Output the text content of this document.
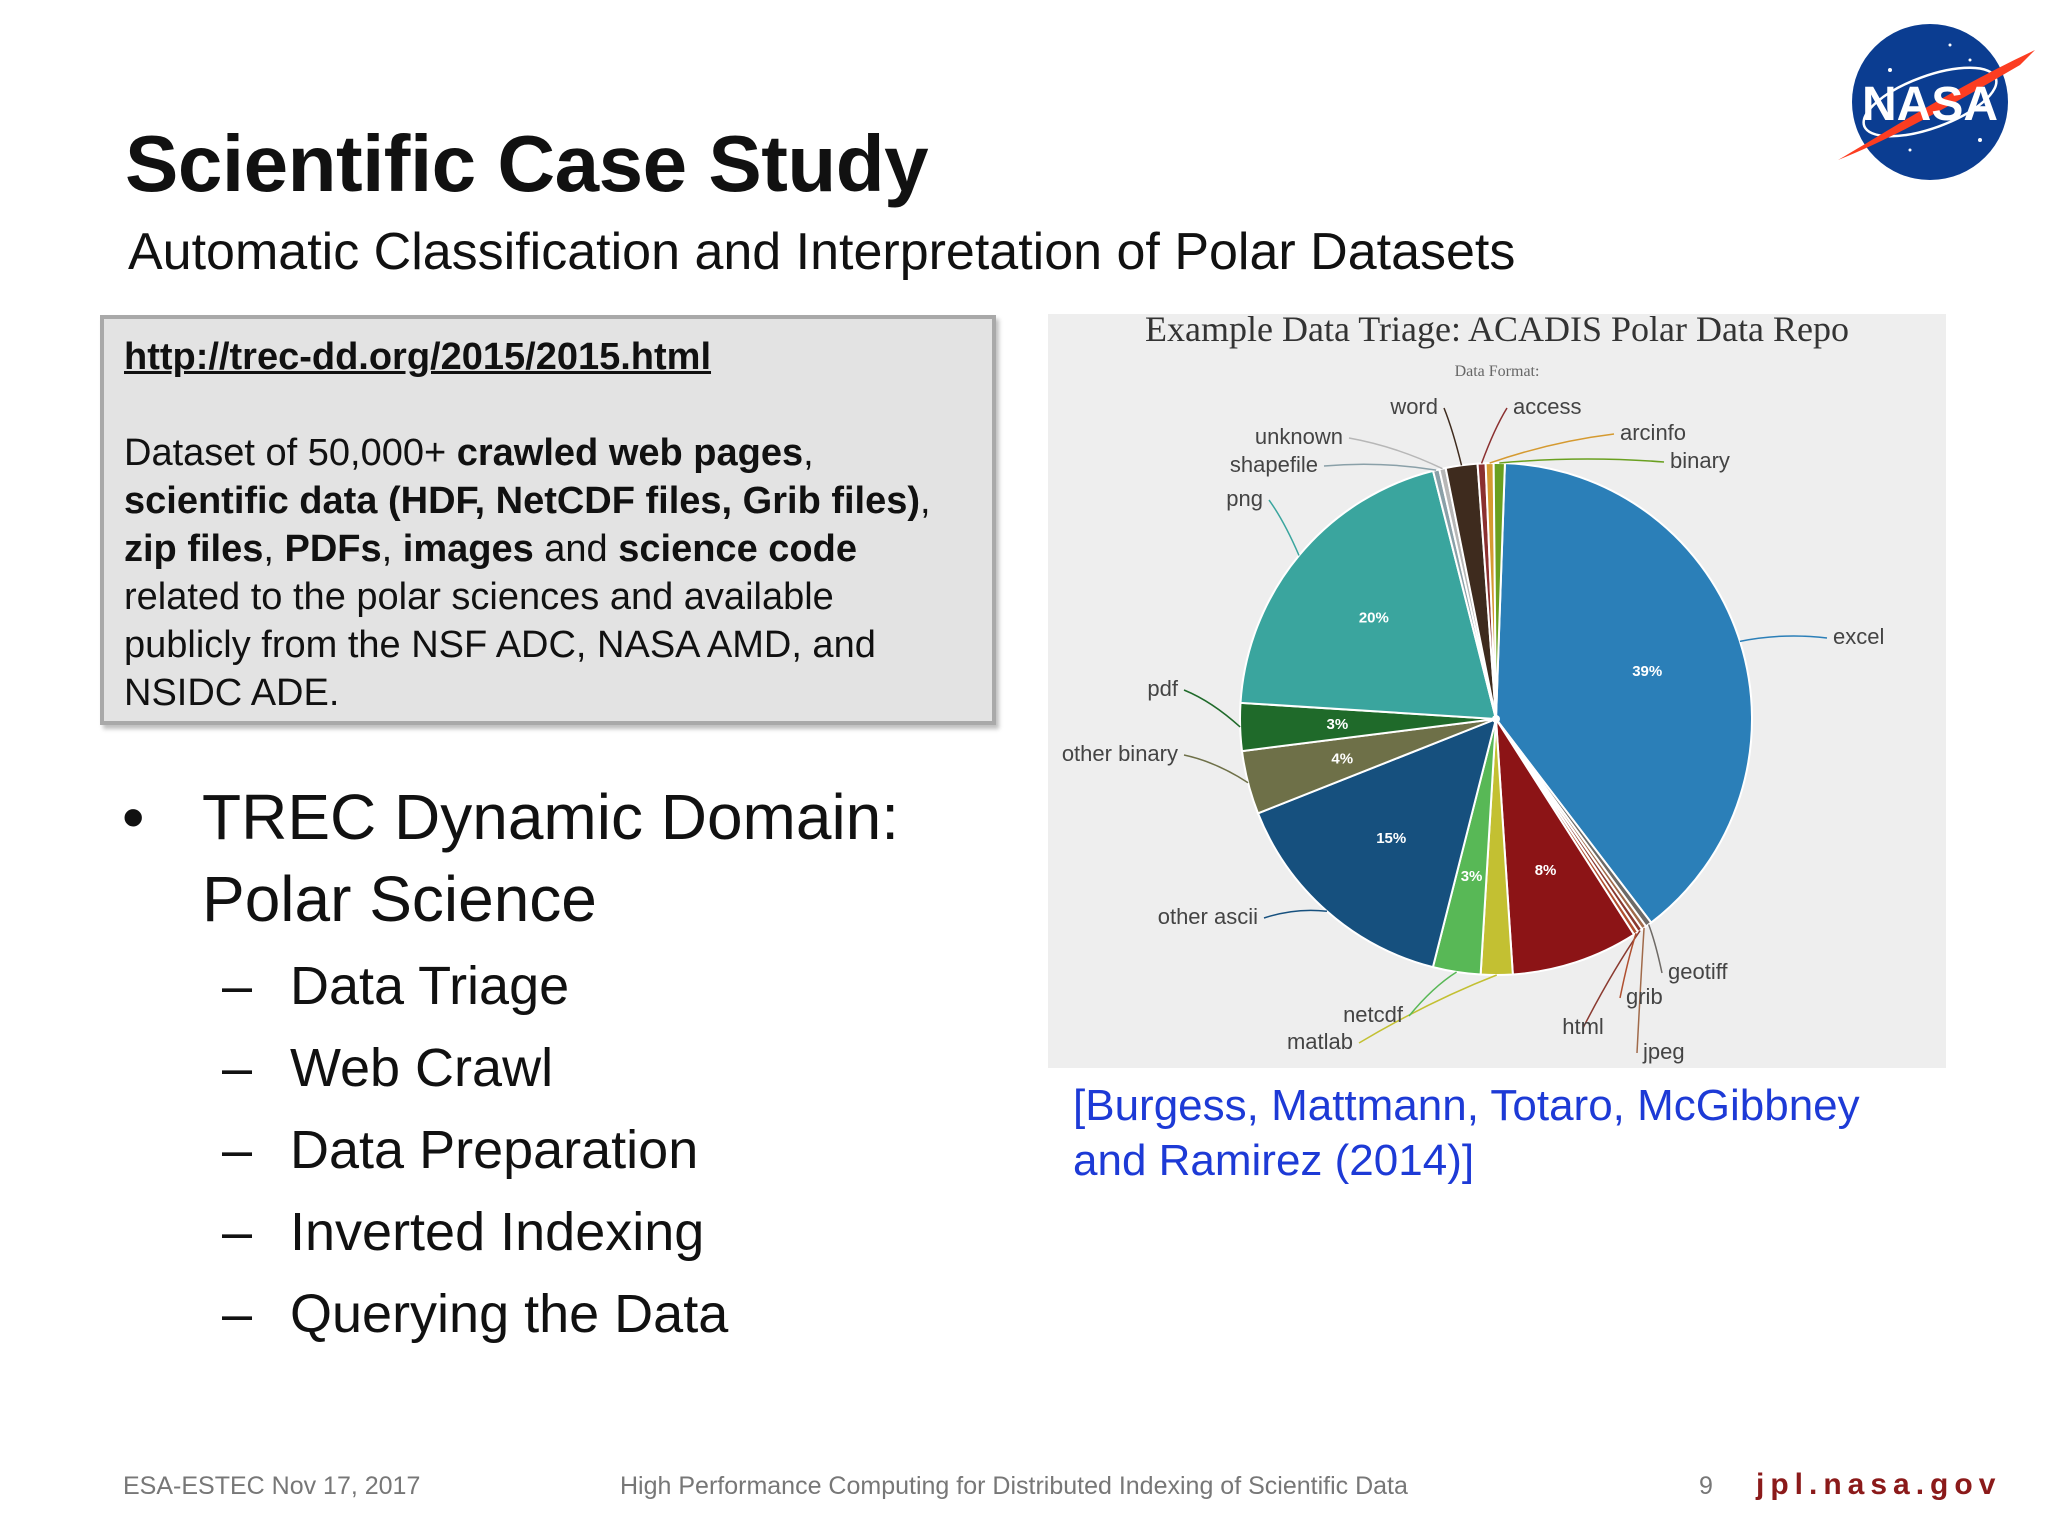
Scientific Case Study
Automatic Classification and Interpretation of Polar Datasets
NASA
http://trec-dd.org/2015/2015.html
Dataset of 50,000+ crawled web pages,
scientific data (HDF, NetCDF files, Grib files),
zip files, PDFs, images and science code
related to the polar sciences and available
publicly from the NSF ADC, NASA AMD, and
NSIDC ADE.
• TREC Dynamic Domain:
Polar Science
– Data Triage
– Web Crawl
– Data Preparation
– Inverted Indexing
– Querying the Data
Example Data Triage: ACADIS Polar Data Repo
Data Format:
39%
8%
3%
15%
4%
3%
20%
excel
geotiff
jpeg
html
grib
matlab
netcdf
other ascii
other binary
pdf
png
shapefile
unknown
word	access
arcinfo
binary
[Burgess, Mattmann, Totaro, McGibbney
and Ramirez (2014)]
ESA-ESTEC Nov 17, 2017	High Performance Computing for Distributed Indexing of Scientific Data	9 jpl.nasa.gov
